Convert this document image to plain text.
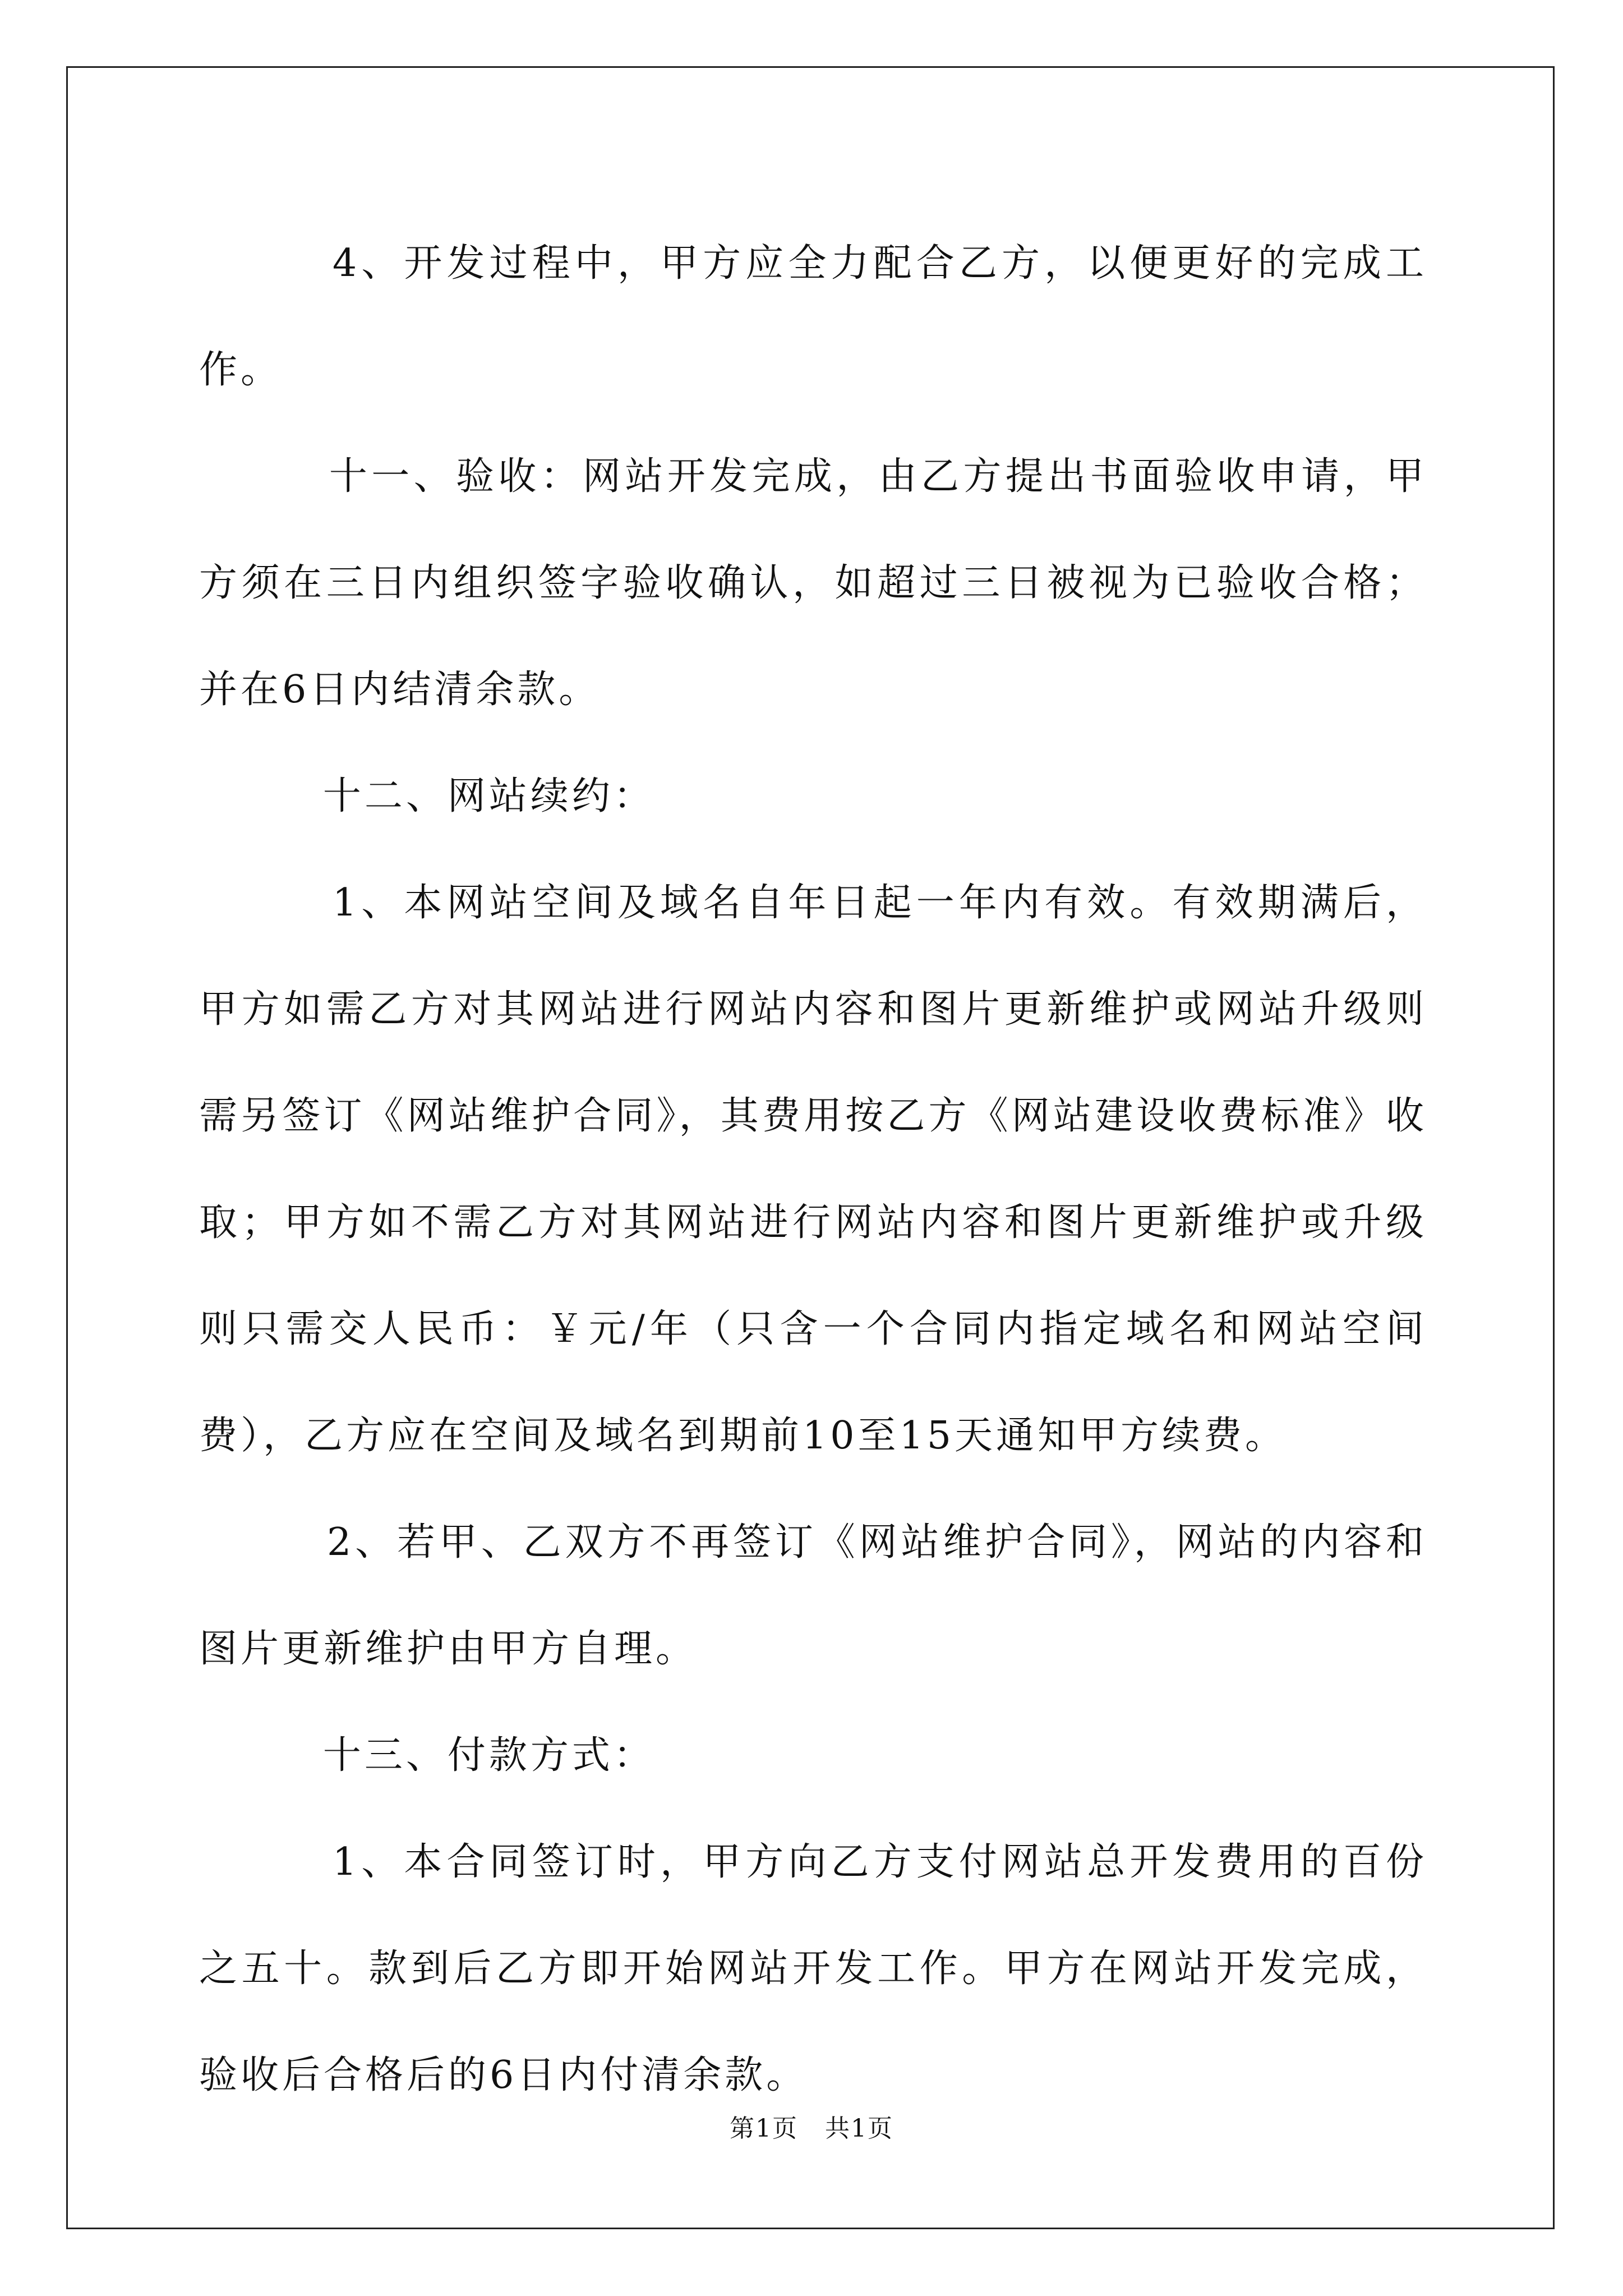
4、开发过程中，甲方应全力配合乙方，以便更好的完成工作。

十一、验收：网站开发完成，由乙方提出书面验收申请，甲方须在三日内组织签字验收确认，如超过三日被视为已验收合格；并在6日内结清余款。

十二、网站续约：

1、本网站空间及域名自年日起一年内有效。有效期满后，甲方如需乙方对其网站进行网站内容和图片更新维护或网站升级则需另签订《网站维护合同》，其费用按乙方《网站建设收费标准》收取；甲方如不需乙方对其网站进行网站内容和图片更新维护或升级则只需交人民币：￥元/年（只含一个合同内指定域名和网站空间费），乙方应在空间及域名到期前10至15天通知甲方续费。

2、若甲、乙双方不再签订《网站维护合同》，网站的内容和图片更新维护由甲方自理。

十三、付款方式：

1、本合同签订时，甲方向乙方支付网站总开发费用的百份之五十。款到后乙方即开始网站开发工作。甲方在网站开发完成，验收后合格后的6日内付清余款。

第1页 共1页
